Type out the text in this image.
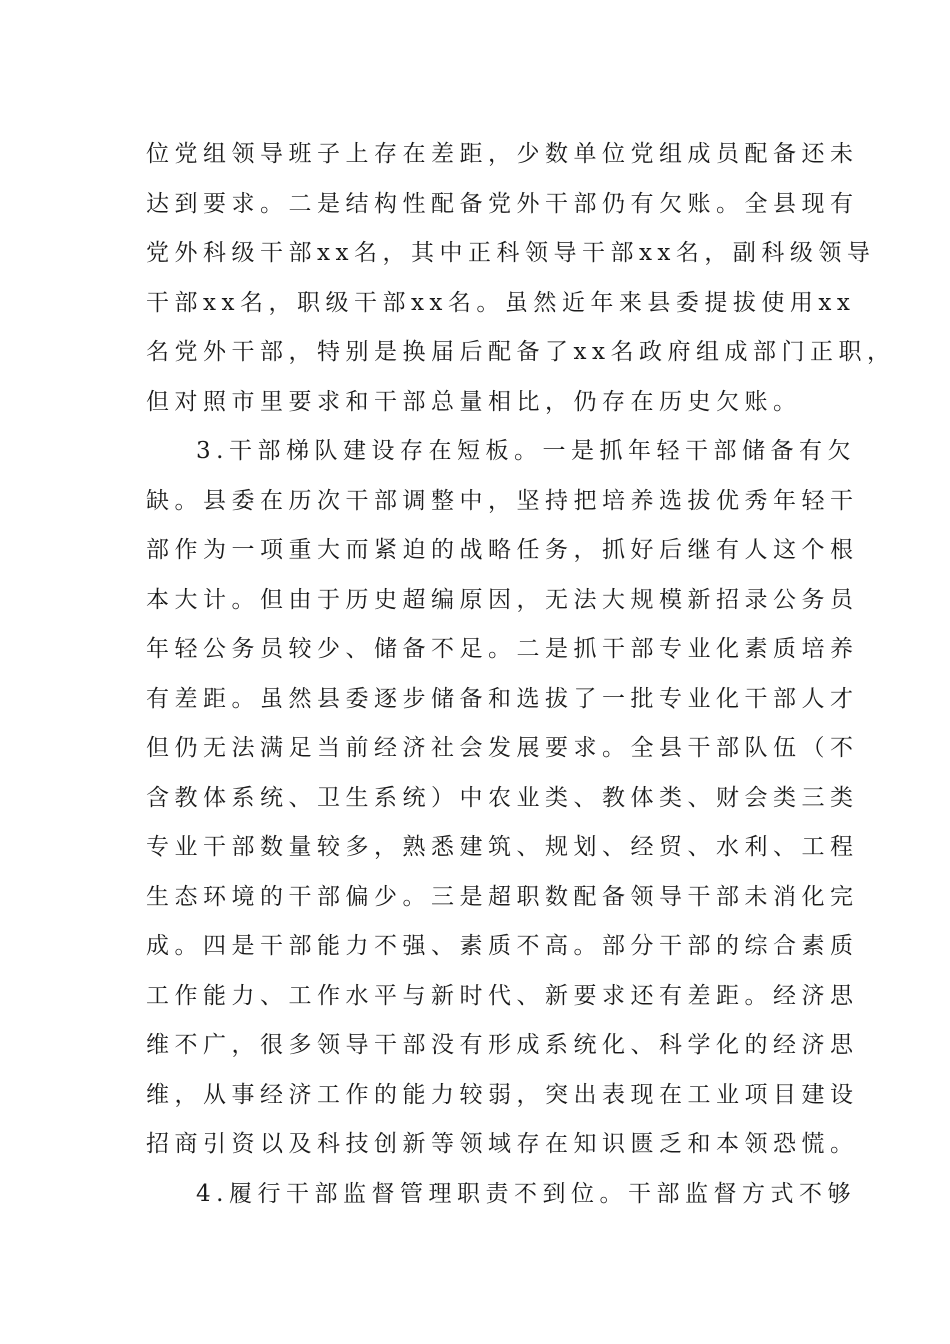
位党组领导班子上存在差距，少数单位党组成员配备还未
达到要求。二是结构性配备党外干部仍有欠账。全县现有
党外科级干部xx名，其中正科领导干部xx名，副科级领导
干部xx名，职级干部xx名。虽然近年来县委提拔使用xx
名党外干部，特别是换届后配备了xx名政府组成部门正职，
但对照市里要求和干部总量相比，仍存在历史欠账。
3.干部梯队建设存在短板。一是抓年轻干部储备有欠
缺。县委在历次干部调整中，坚持把培养选拔优秀年轻干
部作为一项重大而紧迫的战略任务，抓好后继有人这个根
本大计。但由于历史超编原因，无法大规模新招录公务员
年轻公务员较少、储备不足。二是抓干部专业化素质培养
有差距。虽然县委逐步储备和选拔了一批专业化干部人才
但仍无法满足当前经济社会发展要求。全县干部队伍（不
含教体系统、卫生系统）中农业类、教体类、财会类三类
专业干部数量较多，熟悉建筑、规划、经贸、水利、工程
生态环境的干部偏少。三是超职数配备领导干部未消化完
成。四是干部能力不强、素质不高。部分干部的综合素质
工作能力、工作水平与新时代、新要求还有差距。经济思
维不广，很多领导干部没有形成系统化、科学化的经济思
维，从事经济工作的能力较弱，突出表现在工业项目建设
招商引资以及科技创新等领域存在知识匮乏和本领恐慌。
4.履行干部监督管理职责不到位。干部监督方式不够
